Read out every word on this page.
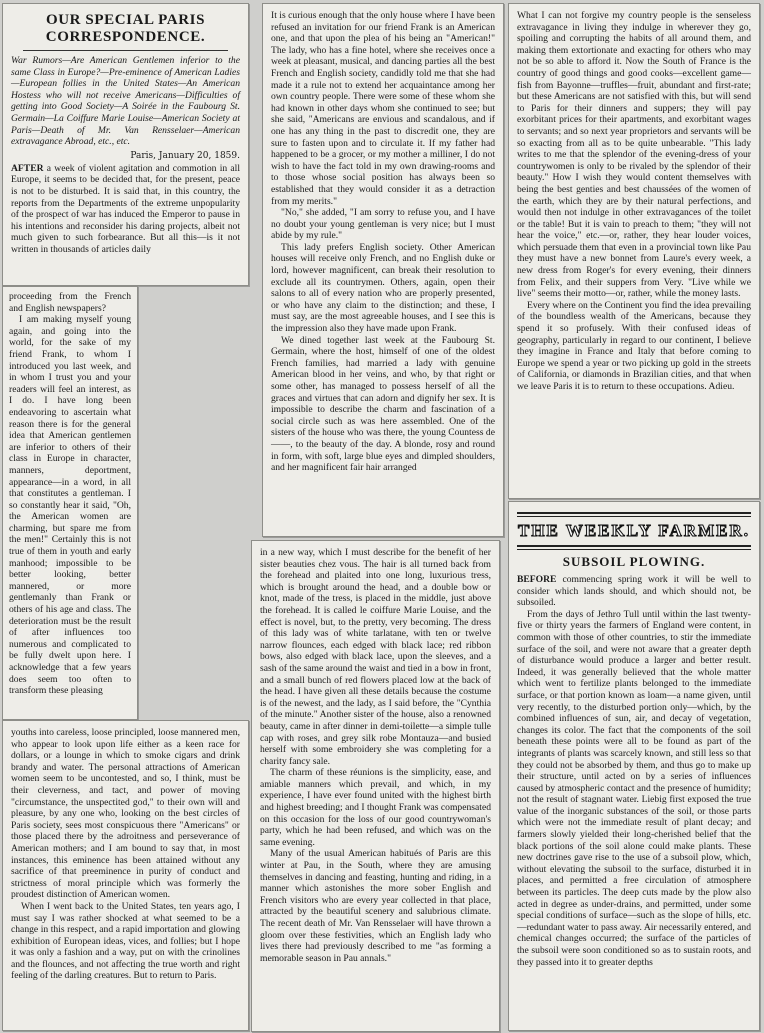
OUR SPECIAL PARIS CORRESPONDENCE.
War Rumors—Are American Gentlemen inferior to the same Class in Europe?—Pre-eminence of American Ladies—European follies in the United States—An American Hostess who will not receive Americans—Difficulties of getting into Good Society—A Soirée in the Faubourg St. Germain—La Coiffure Marie Louise—American Society at Paris—Death of Mr. Van Rensselaer—American extravagance Abroad, etc., etc.
Paris, January 20, 1859.

AFTER a week of violent agitation and commotion in all Europe, it seems to be decided that, for the present, peace is not to be disturbed. It is said that, in this country, the reports from the Departments of the extreme unpopularity of the prospect of war has induced the Emperor to pause in his intentions and reconsider his daring projects, albeit not much given to such forbearance. But all this—is it not written in thousands of articles daily

proceeding from the French and English newspapers?

I am making myself young again, and going into the world, for the sake of my friend Frank, to whom I introduced you last week, and in whom I trust you and your readers will feel an interest, as I do. I have long been endeavoring to ascertain what reason there is for the general idea that American gentlemen are inferior to others of their class in Europe in character, manners, deportment, appearance—in a word, in all that constitutes a gentleman. I so constantly hear it said, "Oh, the American women are charming, but spare me from the men!" Certainly this is not true of them in youth and early manhood; impossible to be better looking, better mannered, or more gentlemanly than Frank or others of his age and class. The deterioration must be the result of after influences too numerous and complicated to be fully dwelt upon here. I acknowledge that a few years does seem too often to transform these pleasing

youths into careless, loose principled, loose mannered men, who appear to look upon life either as a keen race for dollars, or a lounge in which to smoke cigars and drink brandy and water. The personal attractions of American women seem to be uncontested, and so, I think, must be their cleverness, and tact, and power of moving "circumstance, the unspectited god," to their own will and pleasure, by any one who, looking on the best circles of Paris society, sees most conspicuous there "Americans" or those placed there by the adroitness and perseverance of American mothers; and I am bound to say that, in most instances, this eminence has been attained without any sacrifice of that preeminence in purity of conduct and strictness of moral principle which was formerly the proudest distinction of American women.

When I went back to the United States, ten years ago, I must say I was rather shocked at what seemed to be a change in this respect, and a rapid importation and glowing exhibition of European ideas, vices, and follies; but I hope it was only a fashion and a way, put on with the crinolines and the flounces, and not affecting the true worth and right feeling of the darling creatures. But to return to Paris.

It is curious enough that the only house where I have been refused an invitation for our friend Frank is an American one, and that upon the plea of his being an "American!" The lady, who has a fine hotel, where she receives once a week at pleasant, musical, and dancing parties all the best French and English society, candidly told me that she had made it a rule not to extend her acquaintance among her own country people. There were some of these whom she had known in other days whom she continued to see; but she said, "Americans are envious and scandalous, and if one has any thing in the past to discredit one, they are sure to fasten upon and to circulate it. If my father had happened to be a grocer, or my mother a milliner, I do not wish to have the fact told in my own drawing-rooms and to those whose social position has always been so established that they would consider it as a detraction from my merits."

"No," she added, "I am sorry to refuse you, and I have no doubt your young gentleman is very nice; but I must abide by my rule."

This lady prefers English society. Other American houses will receive only French, and no English duke or lord, however magnificent, can break their resolution to exclude all its countrymen. Others, again, open their salons to all of every nation who are properly presented, or who have any claim to the distinction; and these, I must say, are the most agreeable houses, and I see this is the impression also they have made upon Frank.

We dined together last week at the Faubourg St. Germain, where the host, himself of one of the oldest French families, had married a lady with genuine American blood in her veins, and who, by that right or some other, has managed to possess herself of all the graces and virtues that can adorn and dignify her sex. It is impossible to describe the charm and fascination of a social circle such as was here assembled. One of the sisters of the house who was there, the young Countess de ——, to the beauty of the day. A blonde, rosy and round in form, with soft, large blue eyes and dimpled shoulders, and her magnificent fair hair arranged

in a new way, which I must describe for the benefit of her sister beauties chez vous. The hair is all turned back from the forehead and plaited into one long, luxurious tress, which is brought around the head, and a double bow or knot, made of the tress, is placed in the middle, just above the forehead. It is called le coiffure Marie Louise, and the effect is novel, but, to the pretty, very becoming. The dress of this lady was of white tarlatane, with ten or twelve narrow flounces, each edged with black lace; red ribbon bows, also edged with black lace, upon the sleeves, and a sash of the same around the waist and tied in a bow in front, and a small bunch of red flowers placed low at the back of the head. I have given all these details because the costume is of the newest, and the lady, as I said before, the "Cynthia of the minute." Another sister of the house, also a renowned beauty, came in after dinner in demi-toilette—a simple tulle cap with roses, and grey silk robe Montauza—and busied herself with some embroidery she was completing for a charity fancy sale.

The charm of these réunions is the simplicity, ease, and amiable manners which prevail, and which, in my experience, I have ever found united with the highest birth and highest breeding; and I thought Frank was compensated on this occasion for the loss of our good countrywoman's party, which he had been refused, and which was on the same evening.

Many of the usual American habitués of Paris are this winter at Pau, in the South, where they are amusing themselves in dancing and feasting, hunting and riding, in a manner which astonishes the more sober English and French visitors who are every year collected in that place, attracted by the beautiful scenery and salubrious climate. The recent death of Mr. Van Rensselaer will have thrown a gloom over these festivities, which an English lady who lives there had previously described to me "as forming a memorable season in Pau annals."

What I can not forgive my country people is the senseless extravagance in living they indulge in wherever they go, spoiling and corrupting the habits of all around them, and making them extortionate and exacting for others who may not be so able to afford it. Now the South of France is the country of good things and good cooks—excellent game—fish from Bayonne—truffles—fruit, abundant and first-rate; but these Americans are not satisfied with this, but will send to Paris for their dinners and suppers; they will pay exorbitant prices for their apartments, and exorbitant wages to servants; and so next year proprietors and servants will be so exacting from all as to be quite unbearable. "This lady writes to me that the splendor of the evening-dress of your countrywomen is only to be rivaled by the splendor of their beauty." How I wish they would content themselves with being the best genties and best chaussées of the women of the earth, which they are by their natural perfections, and would then not indulge in other extravagances of the toilet or the table! But it is vain to preach to them; "they will not hear the voice," etc.—or, rather, they hear louder voices, which persuade them that even in a provincial town like Pau they must have a new bonnet from Laure's every week, a new dress from Roger's for every evening, their dinners from Felix, and their suppers from Very. "Live while we live" seems their motto—or, rather, while the money lasts.

Every where on the Continent you find the idea prevailing of the boundless wealth of the Americans, because they spend it so profusely. With their confused ideas of geography, particularly in regard to our continent, I believe they imagine in France and Italy that before coming to Europe we spend a year or two picking up gold in the streets of California, or diamonds in Brazilian cities, and that when we leave Paris it is to return to these occupations. Adieu.

THE WEEKLY FARMER.
SUBSOIL PLOWING.

BEFORE commencing spring work it will be well to consider which lands should, and which should not, be subsoiled.

From the days of Jethro Tull until within the last twenty-five or thirty years the farmers of England were content, in common with those of other countries, to stir the immediate surface of the soil, and were not aware that a greater depth of disturbance would produce a larger and better result. Indeed, it was generally believed that the whole matter which went to fertilize plants belonged to the immediate surface, or that portion known as loam—a name given, until very recently, to the disturbed portion only—which, by the combined influences of sun, air, and decay of vegetation, changes its color. The fact that the components of the soil beneath these points were all to be found as part of the integrants of plants was scarcely known, and still less so that they could not be absorbed by them, and thus go to make up their structure, until acted on by a series of influences caused by atmospheric contact and the presence of humidity; not the result of stagnant water. Liebig first exposed the true value of the inorganic substances of the soil, or those parts which were not the immediate result of plant decay; and farmers slowly yielded their long-cherished belief that the black portions of the soil alone could make plants. These new doctrines gave rise to the use of a subsoil plow, which, without elevating the subsoil to the surface, disturbed it in places, and permitted a free circulation of atmosphere between its particles. The deep cuts made by the plow also acted in degree as under-drains, and permitted, under some special conditions of surface—such as the slope of hills, etc.—redundant water to pass away. Air necessarily entered, and chemical changes occurred; the surface of the particles of the subsoil were soon conditioned so as to sustain roots, and they passed into it to greater depths
